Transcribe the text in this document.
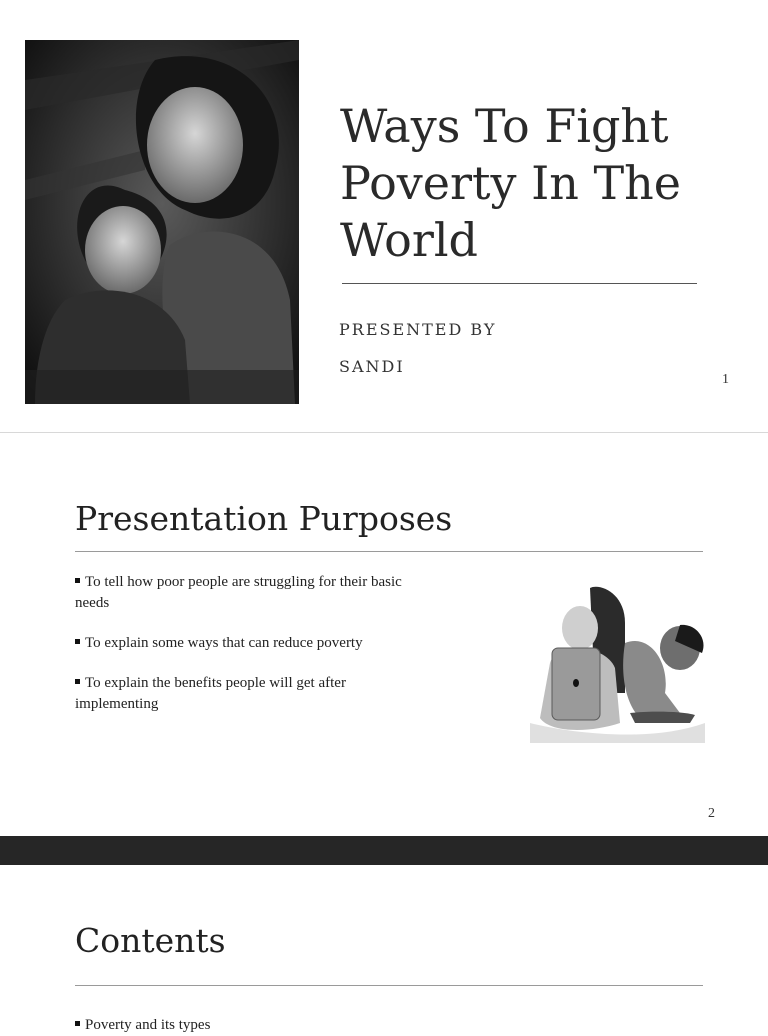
Ways To Fight Poverty In The World
PRESENTED BY
SANDI
1
Presentation Purposes
To tell how poor people are struggling for their basic needs
To explain some ways that can reduce poverty
To explain the benefits people will get after implementing
2
Contents
Poverty and its types
